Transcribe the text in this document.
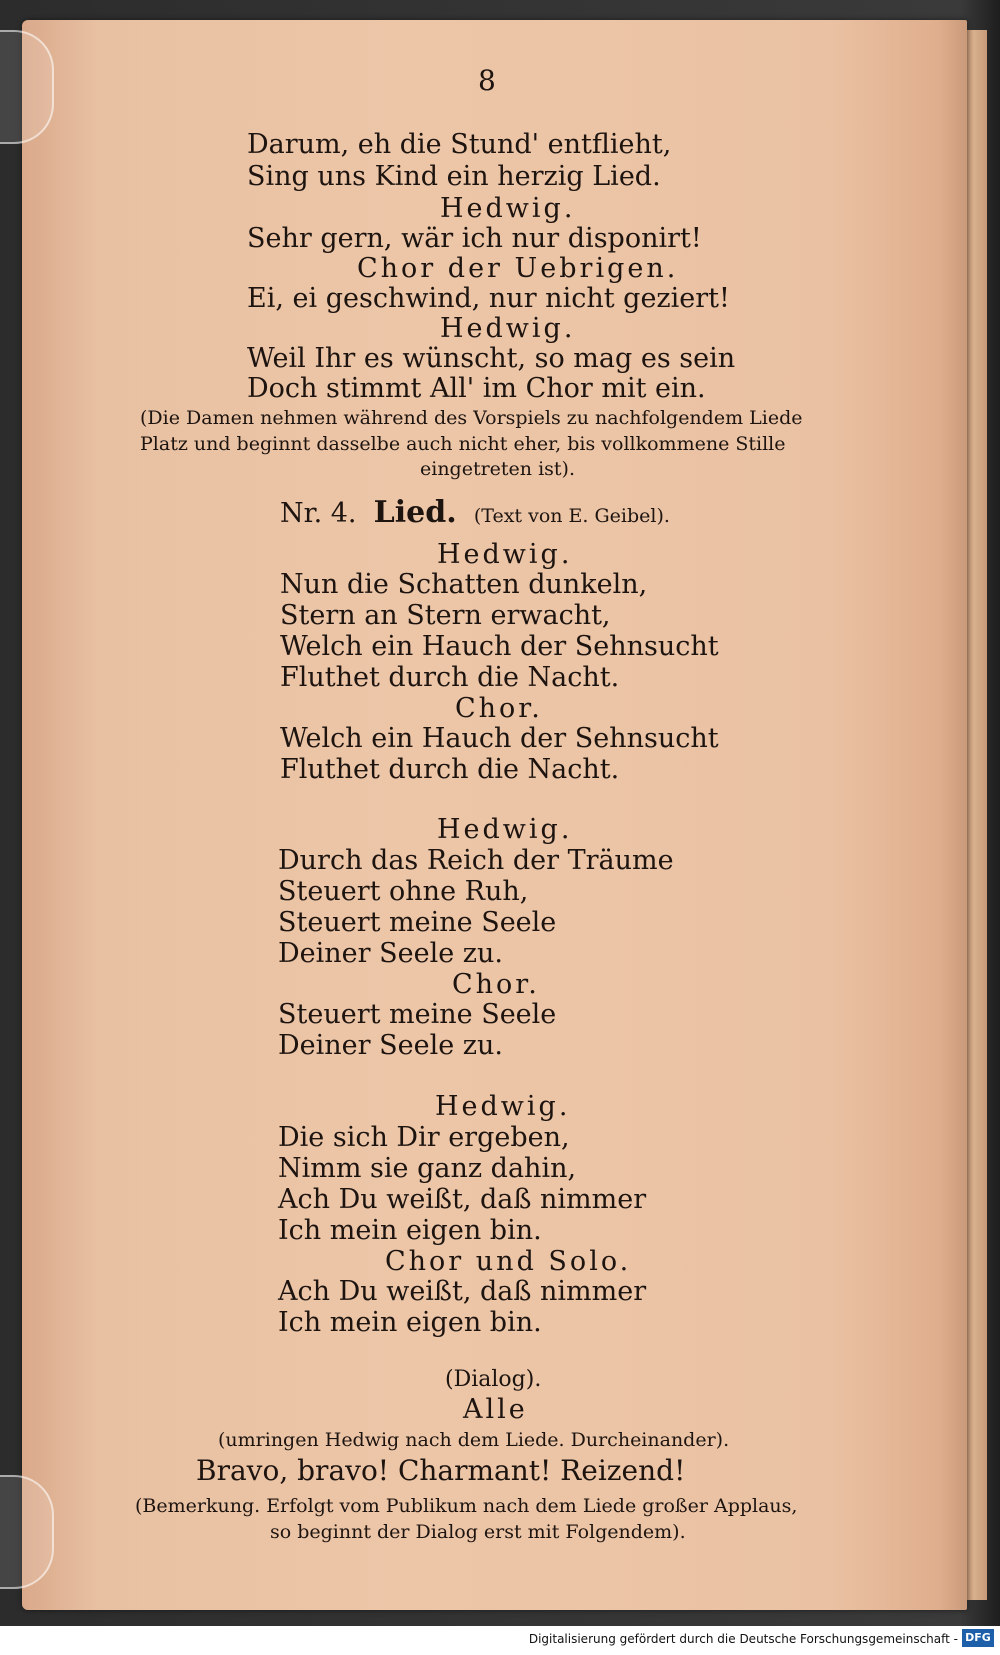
8
Darum, eh die Stund' entflieht,
Sing uns Kind ein herzig Lied.
Hedwig.
Sehr gern, wär ich nur disponirt!
Chor der Uebrigen.
Ei, ei geschwind, nur nicht geziert!
Hedwig.
Weil Ihr es wünscht, so mag es sein
Doch stimmt All' im Chor mit ein.
(Die Damen nehmen während des Vorspiels zu nachfolgendem Liede
Platz und beginnt dasselbe auch nicht eher, bis vollkommene Stille
eingetreten ist).
Nr. 4. Lied. (Text von E. Geibel).
Hedwig.
Nun die Schatten dunkeln,
Stern an Stern erwacht,
Welch ein Hauch der Sehnsucht
Fluthet durch die Nacht.
Chor.
Welch ein Hauch der Sehnsucht
Fluthet durch die Nacht.
Hedwig.
Durch das Reich der Träume
Steuert ohne Ruh,
Steuert meine Seele
Deiner Seele zu.
Chor.
Steuert meine Seele
Deiner Seele zu.
Hedwig.
Die sich Dir ergeben,
Nimm sie ganz dahin,
Ach Du weißt, daß nimmer
Ich mein eigen bin.
Chor und Solo.
Ach Du weißt, daß nimmer
Ich mein eigen bin.
(Dialog).
Alle
(umringen Hedwig nach dem Liede. Durcheinander).
Bravo, bravo! Charmant! Reizend!
(Bemerkung. Erfolgt vom Publikum nach dem Liede großer Applaus,
so beginnt der Dialog erst mit Folgendem).
Digitalisierung gefördert durch die Deutsche Forschungsgemeinschaft - DFG
